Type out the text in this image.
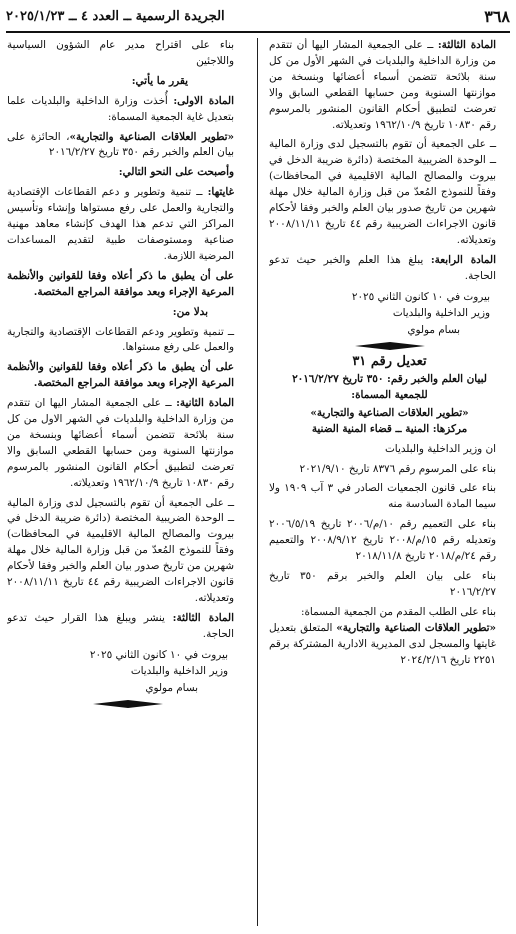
٣٦٨
الجريدة الرسمية ــ العدد ٤ ــ ٢٠٢٥/١/٢٣

المادة الثالثة: ــ على الجمعية المشار اليها أن تتقدم من وزارة الداخلية والبلديات في الشهر الأول من كل سنة بلائحة تتضمن أسماء أعضائها وبنسخة من موازنتها السنوية ومن حسابها القطعي السابق والا تعرضت لتطبيق أحكام القانون المنشور بالمرسوم رقم ١٠٨٣٠ تاريخ ١٩٦٢/١٠/٩ وتعديلاته.

ــ على الجمعية أن تقوم بالتسجيل لدى وزارة المالية ــ الوحدة الضريبية المختصة (دائرة ضريبة الدخل في بيروت والمصالح المالية الاقليمية في المحافظات) وفقاً للنموذج المُعدّ من قبل وزارة المالية خلال مهلة شهرين من تاريخ صدور بيان العلم والخبر وفقا لأحكام قانون الاجراءات الضريبية رقم ٤٤ تاريخ ٢٠٠٨/١١/١١ وتعديلاته.

المادة الرابعة: يبلغ هذا العلم والخبر حيث تدعو الحاجة.

بيروت في ١٠ كانون الثاني ٢٠٢٥
وزير الداخلية والبلديات
بسام مولوي
تعديل رقم ٣١

لبيان العلم والخبر رقم: ٣٥٠ تاريخ ٢٠١٦/٢/٢٧

للجمعية المسماة:

«تطوير العلاقات الصناعية والتجارية»

مركزها: المنية ــ قضاء المنية الضنية

ان وزير الداخلية والبلديات

بناء على المرسوم رقم ٨٣٧٦ تاريخ ٢٠٢١/٩/١٠

بناء على قانون الجمعيات الصادر في ٣ آب ١٩٠٩ ولا سيما المادة السادسة منه

بناء على التعميم رقم ١٠/م/٢٠٠٦ تاريخ ٢٠٠٦/٥/١٩ وتعديله رقم ١٥/م/٢٠٠٨ تاريخ ٢٠٠٨/٩/١٢ والتعميم رقم ٢٤/م/٢٠١٨ تاريخ ٢٠١٨/١١/٨

بناء على بيان العلم والخبر برقم ٣٥٠ تاريخ ٢٠١٦/٢/٢٧

بناء على الطلب المقدم من الجمعية المسماة:
«تطوير العلاقات الصناعية والتجارية» المتعلق بتعديل غايتها والمسجل لدى المديرية الادارية المشتركة برقم ٢٢٥١ تاريخ ٢٠٢٤/٢/١٦

بناء على اقتراح مدير عام الشؤون السياسية واللاجئين

يقرر ما يأتي:

المادة الاولى: أُخذت وزارة الداخلية والبلديات علما بتعديل غاية الجمعية المسماة:

«تطوير العلاقات الصناعية والتجارية»، الحائزة على بيان العلم والخبر رقم ٣٥٠ تاريخ ٢٠١٦/٢/٢٧

وأصبحت على النحو التالي:

غايتها: ــ تنمية وتطوير و دعم القطاعات الإقتصادية والتجارية والعمل على رفع مستواها وإنشاء وتأسيس المراكز التي تدعم هذا الهدف كإنشاء معاهد مهنية صناعية ومستوصفات طبية لتقديم المساعدات المرضية اللازمة.

على أن يطبق ما ذكر أعلاه وفقا للقوانين والأنظمة المرعية الإجراء وبعد موافقة المراجع المختصة.

بدلا من:

ــ تنمية وتطوير ودعم القطاعات الإقتصادية والتجارية والعمل على رفع مستواها.

على أن يطبق ما ذكر أعلاه وفقا للقوانين والأنظمة المرعية الإجراء وبعد موافقة المراجع المختصة.

المادة الثانية: ــ على الجمعية المشار اليها ان تتقدم من وزارة الداخلية والبلديات في الشهر الاول من كل سنة بلائحة تتضمن أسماء أعضائها وبنسخة من موازنتها السنوية ومن حسابها القطعي السابق والا تعرضت لتطبيق أحكام القانون المنشور بالمرسوم رقم ١٠٨٣٠ تاريخ ١٩٦٢/١٠/٩ وتعديلاته.

ــ على الجمعية أن تقوم بالتسجيل لدى وزارة المالية ــ الوحدة الضريبية المختصة (دائرة ضريبة الدخل في بيروت والمصالح المالية الاقليمية في المحافظات) وفقاً للنموذج المُعدّ من قبل وزارة المالية خلال مهلة شهرين من تاريخ صدور بيان العلم والخبر وفقا لأحكام قانون الاجراءات الضريبية رقم ٤٤ تاريخ ٢٠٠٨/١١/١١ وتعديلاته.

المادة الثالثة: ينشر ويبلغ هذا القرار حيث تدعو الحاجة.

بيروت في ١٠ كانون الثاني ٢٠٢٥
وزير الداخلية والبلديات
بسام مولوي
